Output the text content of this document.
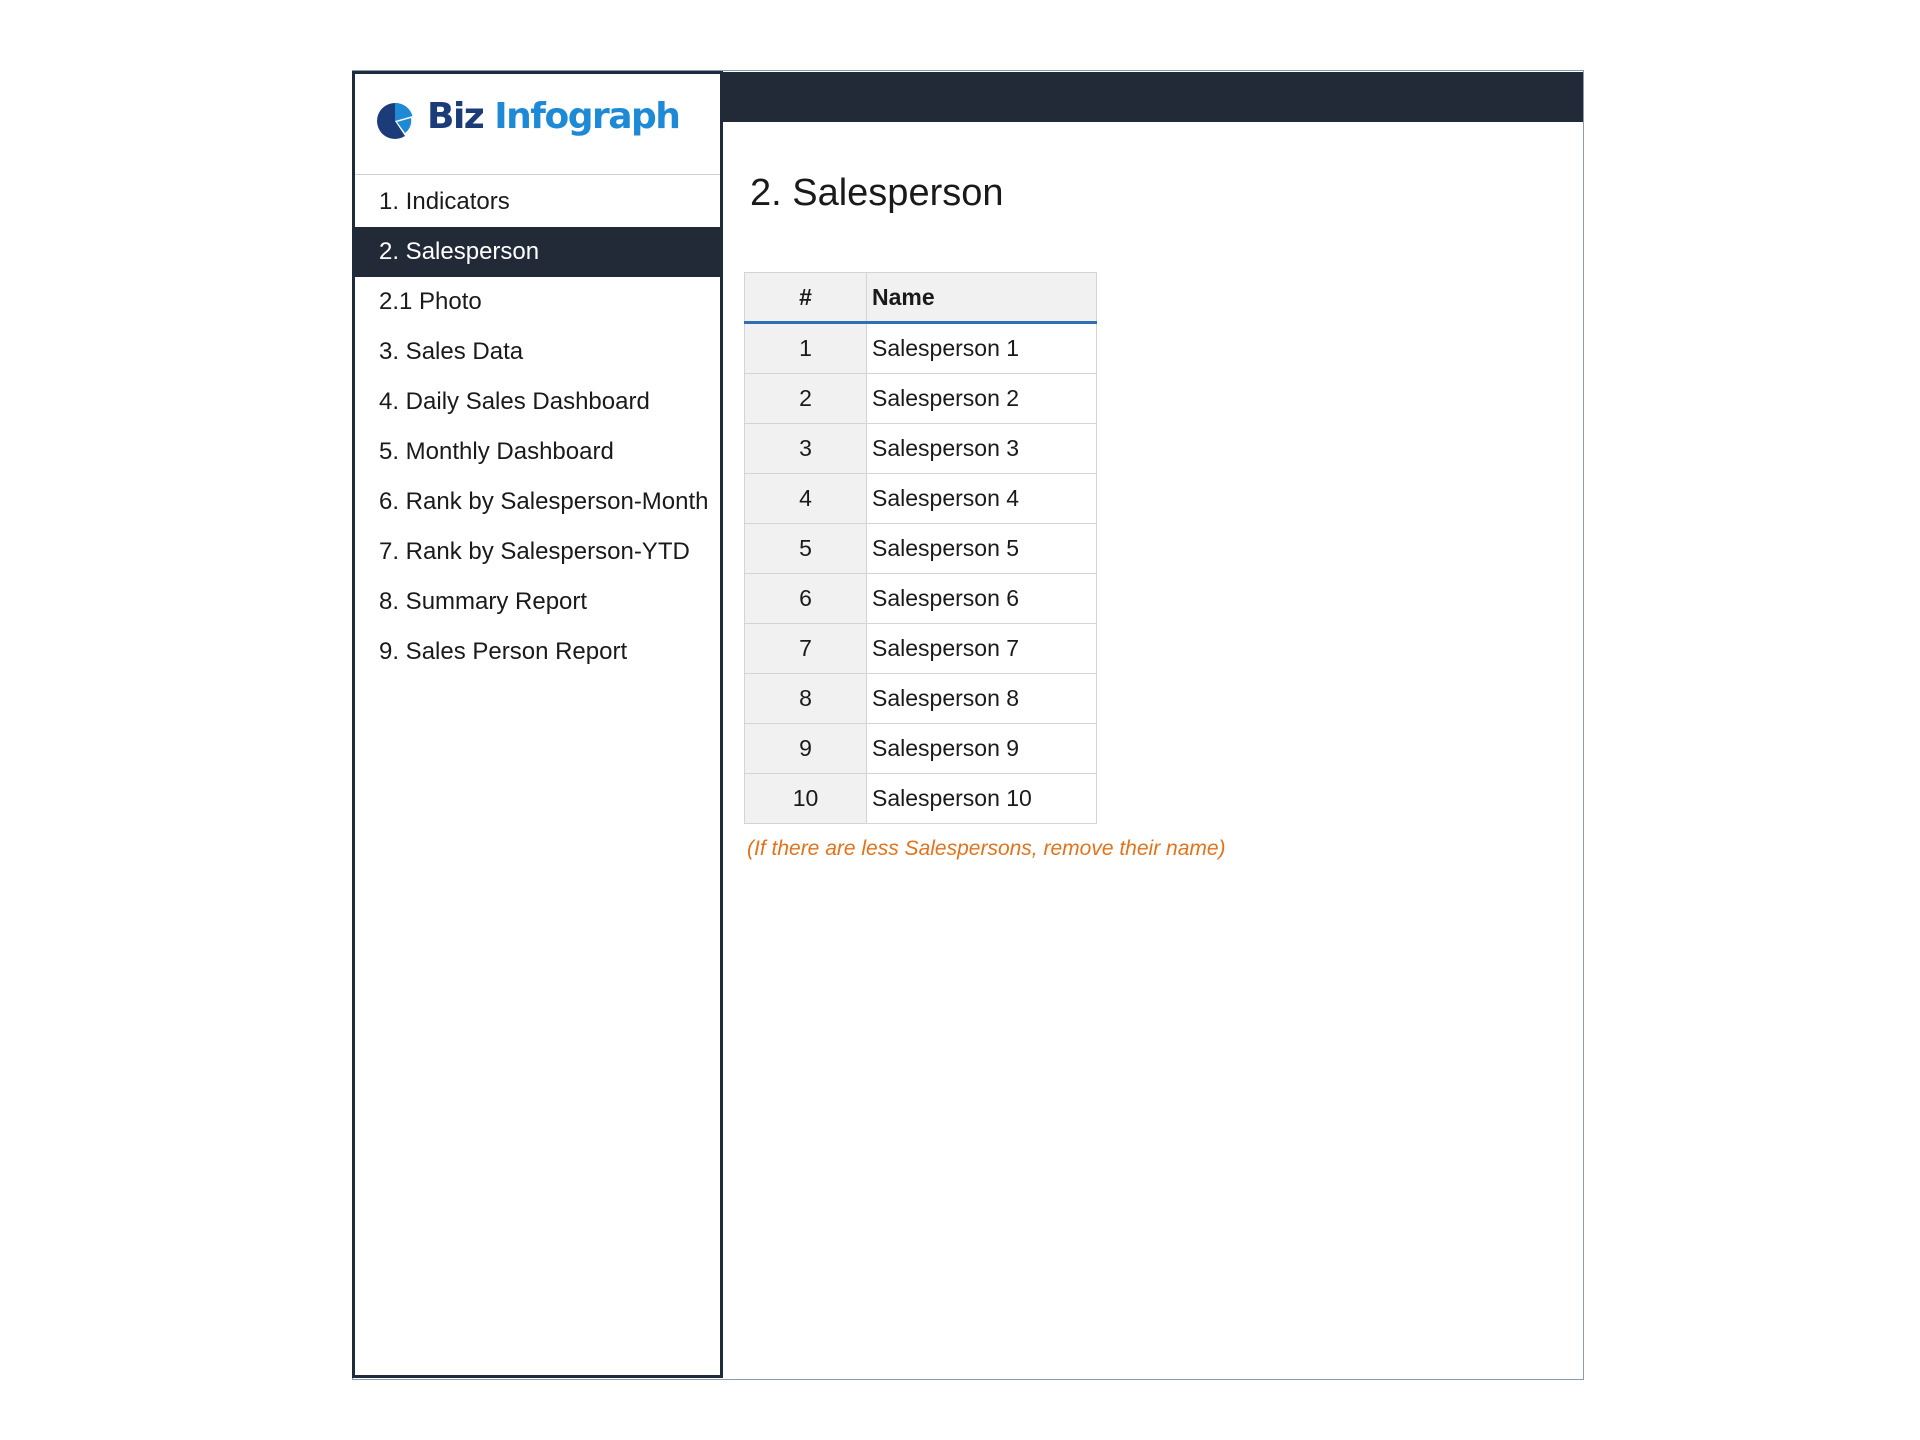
Biz Infograph
1. Indicators
2. Salesperson
2.1 Photo
3. Sales Data
4. Daily Sales Dashboard
5. Monthly Dashboard
6. Rank by Salesperson-Month
7. Rank by Salesperson-YTD
8. Summary Report
9. Sales Person Report
2. Salesperson
#	Name
1	Salesperson 1
2	Salesperson 2
3	Salesperson 3
4	Salesperson 4
5	Salesperson 5
6	Salesperson 6
7	Salesperson 7
8	Salesperson 8
9	Salesperson 9
10	Salesperson 10
(If there are less Salespersons, remove their name)
